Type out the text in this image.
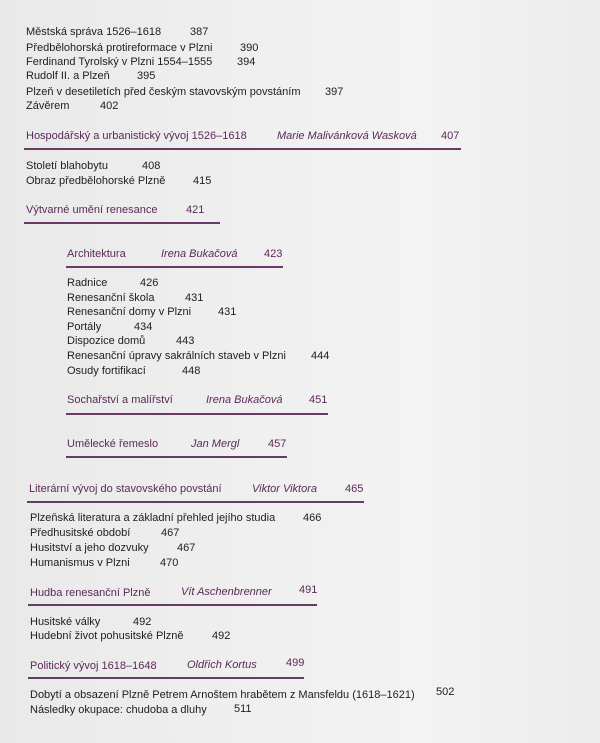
Městská správa 1526–1618	387
Předbělohorská protireformace v Plzni	390
Ferdinand Tyrolský v Plzni 1554–1555 394
Rudolf II. a Plzeň 395
Plzeň v desetiletích před českým stavovským povstáním 397
Závěrem	402
Hospodářský a urbanistický vývoj 1526–1618	Marie Malivánková Wasková 407
Století blahobytu	408
Obraz předbělohorské Plzně	415
Výtvarné umění renesance	421
Architektura	Irena Bukačová 423
Radnice	426
Renesanční škola	431
Renesanční domy v Plzni 431
Portály	434
Dispozice domů	443
Renesanční úpravy sakrálních staveb v Plzni 444
Osudy fortifikací	448
Sochařství a malířství	Irena Bukačová 451
Umělecké řemeslo	Jan Mergl	457
Literární vývoj do stavovského povstání	Viktor Viktora	465
Plzeňská literatura a základní přehled jejího studia	466
Předhusitské období	467
Husitství a jeho dozvuky	467
Humanismus v Plzni	470
Hudba renesanční Plzně	Vít Aschenbrenner 491
Husitské války	492
Hudební život pohusitské Plzně	492
Politický vývoj 1618–1648	Oldřich Kortus	499
Dobytí a obsazení Plzně Petrem Arnoštem hrabětem z Mansfeldu (1618–1621) 502
Následky okupace: chudoba a dluhy 511
